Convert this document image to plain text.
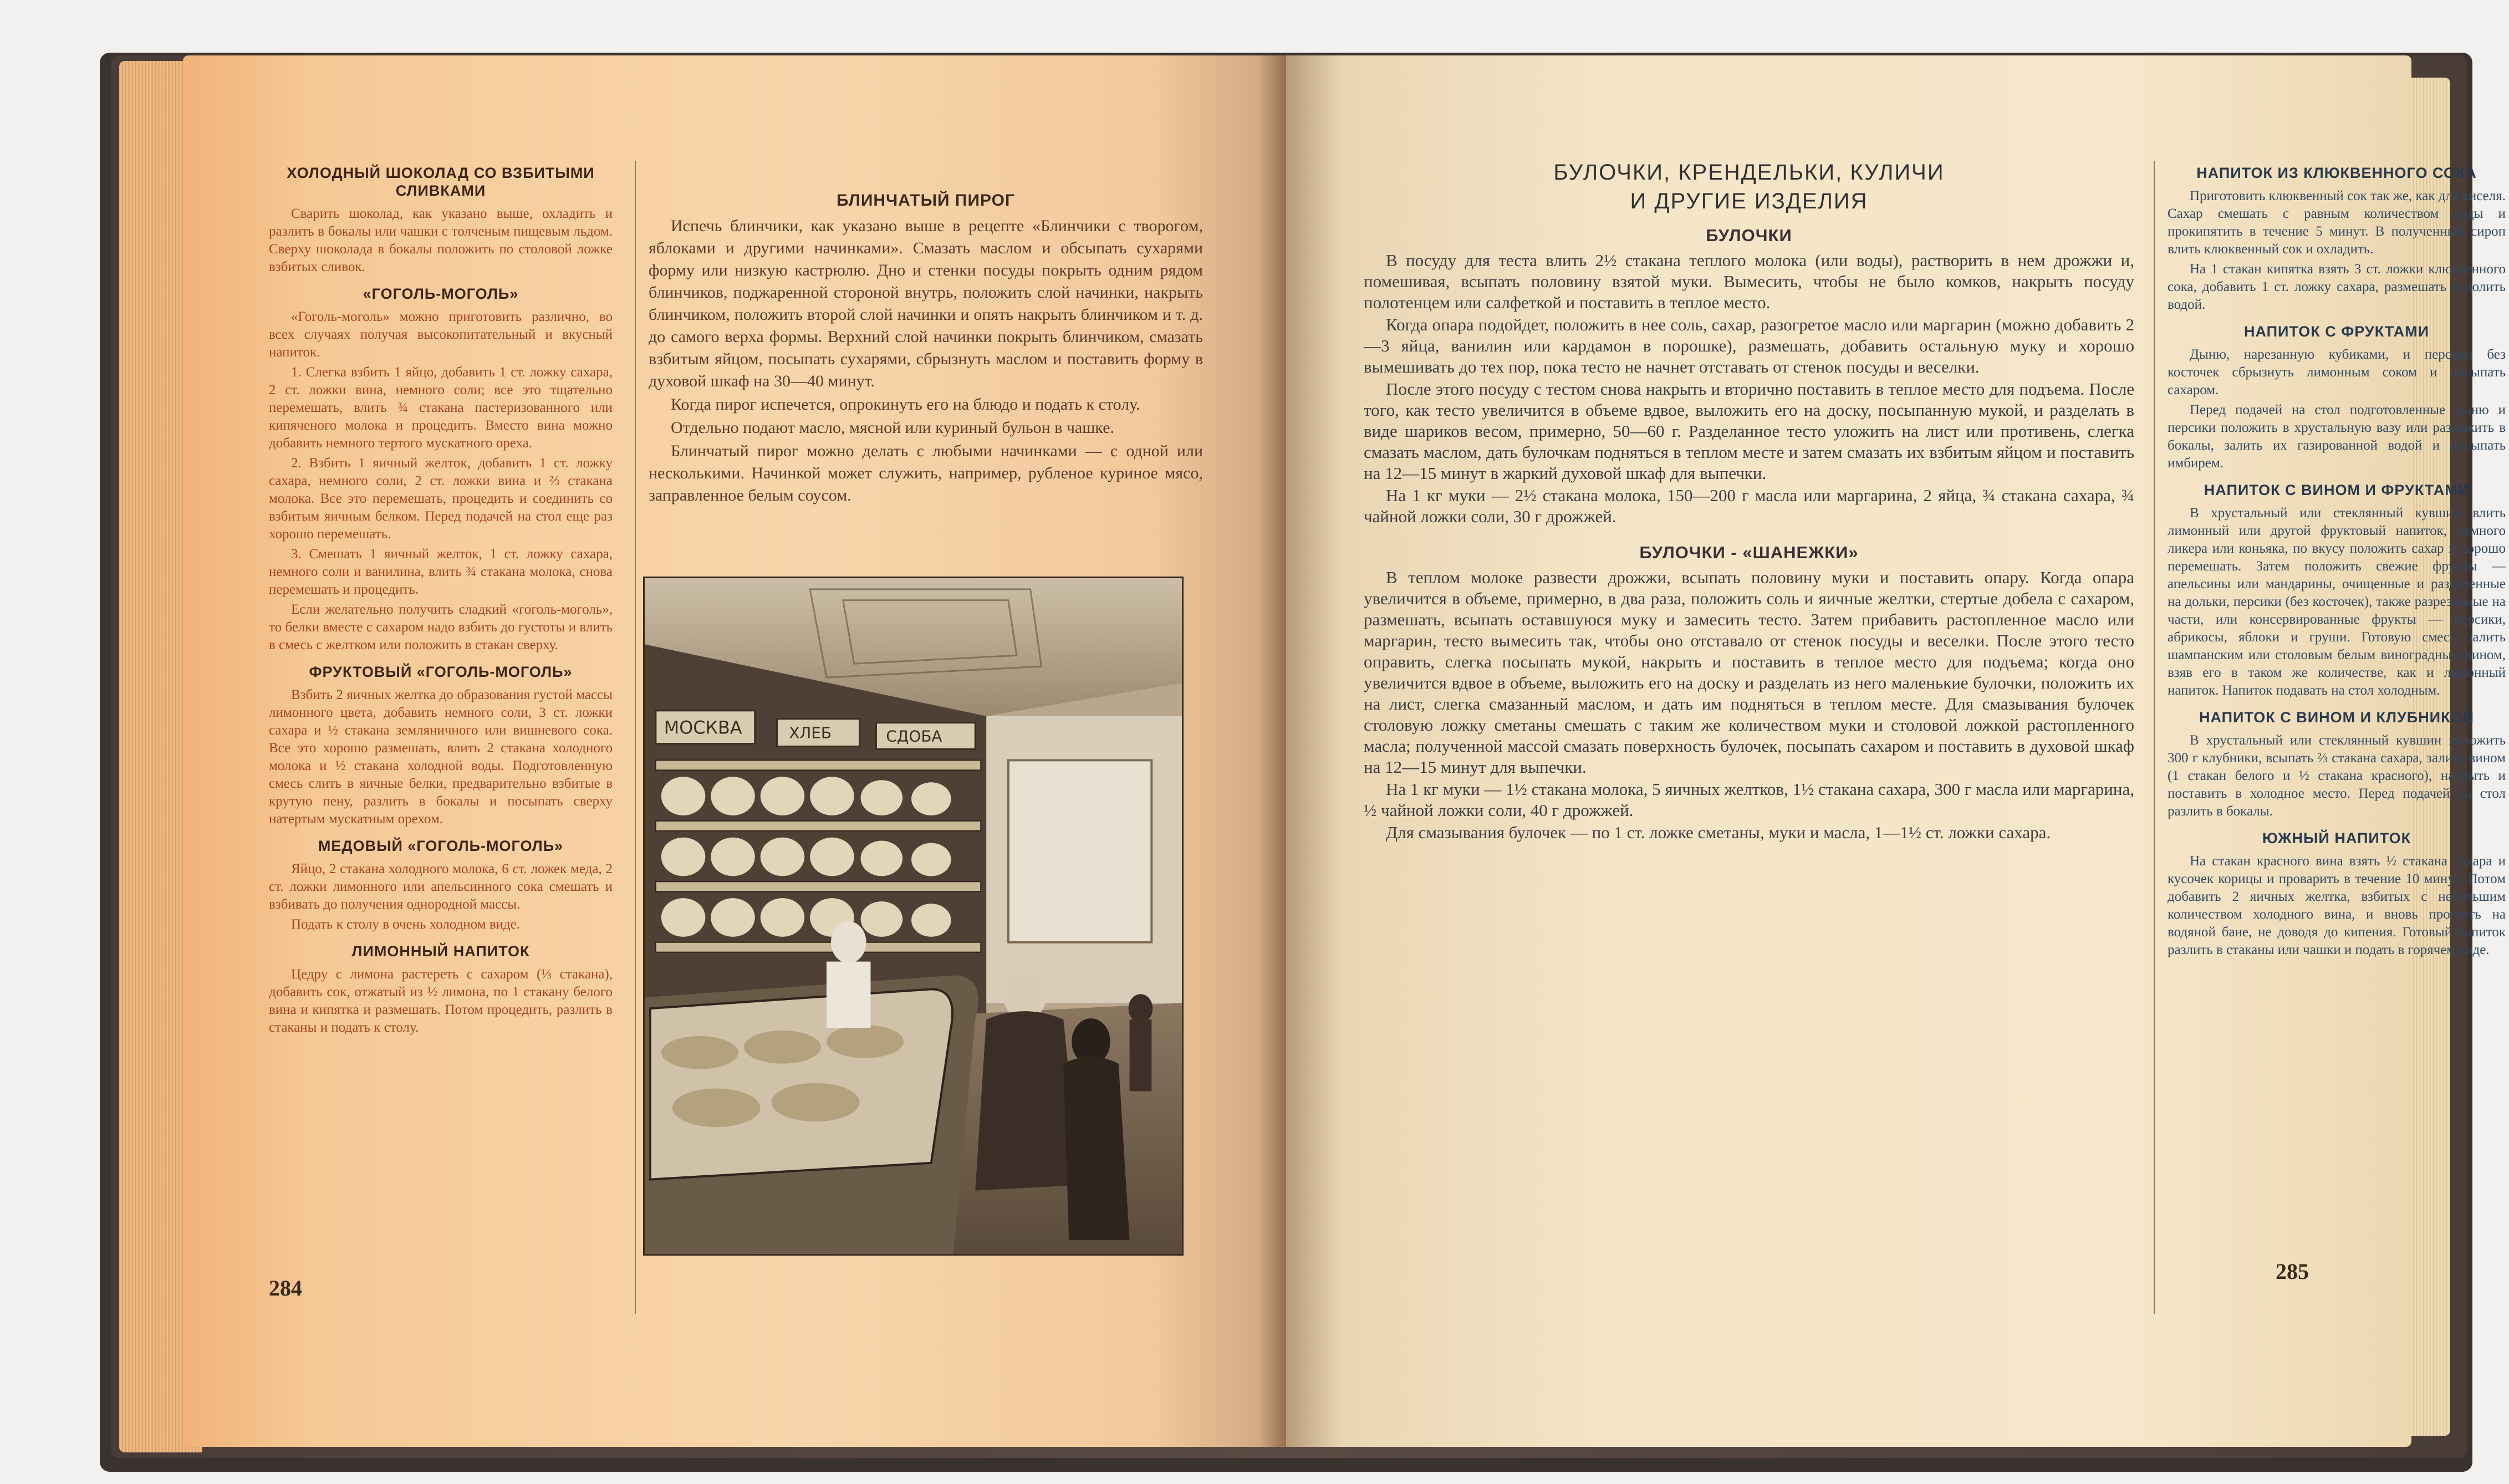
ХОЛОДНЫЙ ШОКОЛАД СО ВЗБИТЫМИ СЛИВКАМИ

Сварить шоколад, как указано выше, охладить и разлить в бокалы или чашки с толченым пищевым льдом. Сверху шоколада в бокалы положить по столовой ложке взбитых сливок.

«ГОГОЛЬ-МОГОЛЬ»

«Гоголь-моголь» можно приготовить различно, во всех случаях получая высокопитательный и вкусный напиток.

1. Слегка взбить 1 яйцо, добавить 1 ст. ложку сахара, 2 ст. ложки вина, немного соли; все это тщательно перемешать, влить ¾ стакана пастеризованного или кипяченого молока и процедить. Вместо вина можно добавить немного тертого мускатного ореха.

2. Взбить 1 яичный желток, добавить 1 ст. ложку сахара, немного соли, 2 ст. ложки вина и ⅔ стакана молока. Все это перемешать, процедить и соединить со взбитым яичным белком. Перед подачей на стол еще раз хорошо перемешать.

3. Смешать 1 яичный желток, 1 ст. ложку сахара, немного соли и ванилина, влить ¾ стакана молока, снова перемешать и процедить.

Если желательно получить сладкий «гоголь-моголь», то белки вместе с сахаром надо взбить до густоты и влить в смесь с желтком или положить в стакан сверху.

ФРУКТОВЫЙ «ГОГОЛЬ-МОГОЛЬ»

Взбить 2 яичных желтка до образования густой массы лимонного цвета, добавить немного соли, 3 ст. ложки сахара и ½ стакана земляничного или вишневого сока. Все это хорошо размешать, влить 2 стакана холодного молока и ½ стакана холодной воды. Подготовленную смесь слить в яичные белки, предварительно взбитые в крутую пену, разлить в бокалы и посыпать сверху натертым мускатным орехом.

МЕДОВЫЙ «ГОГОЛЬ-МОГОЛЬ»

Яйцо, 2 стакана холодного молока, 6 ст. ложек меда, 2 ст. ложки лимонного или апельсинного сока смешать и взбивать до получения однородной массы.

Подать к столу в очень холодном виде.

ЛИМОННЫЙ НАПИТОК

Цедру с лимона растереть с сахаром (⅓ стакана), добавить сок, отжатый из ½ лимона, по 1 стакану белого вина и кипятка и размешать. Потом процедить, разлить в стаканы и подать к столу.

БЛИНЧАТЫЙ ПИРОГ

Испечь блинчики, как указано выше в рецепте «Блинчики с творогом, яблоками и другими начинками». Смазать маслом и обсыпать сухарями форму или низкую кастрюлю. Дно и стенки посуды покрыть одним рядом блинчиков, поджаренной стороной внутрь, положить слой начинки, накрыть блинчиком, положить второй слой начинки и опять накрыть блинчиком и т. д. до самого верха формы. Верхний слой начинки покрыть блинчиком, смазать взбитым яйцом, посыпать сухарями, сбрызнуть маслом и поставить форму в духовой шкаф на 30—40 минут.

Когда пирог испечется, опрокинуть его на блюдо и подать к столу.

Отдельно подают масло, мясной или куриный бульон в чашке.

Блинчатый пирог можно делать с любыми начинками — с одной или несколькими. Начинкой может служить, например, рубленое куриное мясо, заправленное белым соусом.

284
МОСКВА	ХЛЕБ	СДОБА
БУЛОЧКИ, КРЕНДЕЛЬКИ, КУЛИЧИ
И ДРУГИЕ ИЗДЕЛИЯ
БУЛОЧКИ

В посуду для теста влить 2½ стакана теплого молока (или воды), растворить в нем дрожжи и, помешивая, всыпать половину взятой муки. Вымесить, чтобы не было комков, накрыть посуду полотенцем или салфеткой и поставить в теплое место.

Когда опара подойдет, положить в нее соль, сахар, разогретое масло или маргарин (можно добавить 2—3 яйца, ванилин или кардамон в порошке), размешать, добавить остальную муку и хорошо вымешивать до тех пор, пока тесто не начнет отставать от стенок посуды и веселки.

После этого посуду с тестом снова накрыть и вторично поставить в теплое место для подъема. После того, как тесто увеличится в объеме вдвое, выложить его на доску, посыпанную мукой, и разделать в виде шариков весом, примерно, 50—60 г. Разделанное тесто уложить на лист или противень, слегка смазать маслом, дать булочкам подняться в теплом месте и затем смазать их взбитым яйцом и поставить на 12—15 минут в жаркий духовой шкаф для выпечки.

На 1 кг муки — 2½ стакана молока, 150—200 г масла или маргарина, 2 яйца, ¾ стакана сахара, ¾ чайной ложки соли, 30 г дрожжей.

БУЛОЧКИ - «ШАНЕЖКИ»

В теплом молоке развести дрожжи, всыпать половину муки и поставить опару. Когда опара увеличится в объеме, примерно, в два раза, положить соль и яичные желтки, стертые добела с сахаром, размешать, всыпать оставшуюся муку и замесить тесто. Затем прибавить растопленное масло или маргарин, тесто вымесить так, чтобы оно отставало от стенок посуды и веселки. После этого тесто оправить, слегка посыпать мукой, накрыть и поставить в теплое место для подъема; когда оно увеличится вдвое в объеме, выложить его на доску и разделать из него маленькие булочки, положить их на лист, слегка смазанный маслом, и дать им подняться в теплом месте. Для смазывания булочек столовую ложку сметаны смешать с таким же количеством муки и столовой ложкой растопленного масла; полученной массой смазать поверхность булочек, посыпать сахаром и поставить в духовой шкаф на 12—15 минут для выпечки.

На 1 кг муки — 1½ стакана молока, 5 яичных желтков, 1½ стакана сахара, 300 г масла или маргарина, ½ чайной ложки соли, 40 г дрожжей.

Для смазывания булочек — по 1 ст. ложке сметаны, муки и масла, 1—1½ ст. ложки сахара.

НАПИТОК ИЗ КЛЮКВЕННОГО СОКА

Приготовить клюквенный сок так же, как для киселя. Сахар смешать с равным количеством воды и прокипятить в течение 5 минут. В полученный сироп влить клюквенный сок и охладить.

На 1 стакан кипятка взять 3 ст. ложки клюквенного сока, добавить 1 ст. ложку сахара, размешать и долить водой.

НАПИТОК С ФРУКТАМИ

Дыню, нарезанную кубиками, и персики без косточек сбрызнуть лимонным соком и посыпать сахаром.

Перед подачей на стол подготовленные дыню и персики положить в хрустальную вазу или разложить в бокалы, залить их газированной водой и посыпать имбирем.

НАПИТОК С ВИНОМ И ФРУКТАМИ

В хрустальный или стеклянный кувшин влить лимонный или другой фруктовый напиток, немного ликера или коньяка, по вкусу положить сахар и хорошо перемешать. Затем положить свежие фрукты — апельсины или мандарины, очищенные и разделенные на дольки, персики (без косточек), также разрезанные на части, или консервированные фрукты — персики, абрикосы, яблоки и груши. Готовую смесь залить шампанским или столовым белым виноградным вином, взяв его в таком же количестве, как и лимонный напиток. Напиток подавать на стол холодным.

НАПИТОК С ВИНОМ И КЛУБНИКОЙ

В хрустальный или стеклянный кувшин положить 300 г клубники, всыпать ⅔ стакана сахара, залить вином (1 стакан белого и ½ стакана красного), накрыть и поставить в холодное место. Перед подачей на стол разлить в бокалы.

ЮЖНЫЙ НАПИТОК

На стакан красного вина взять ½ стакана сахара и кусочек корицы и проварить в течение 10 минут. Потом добавить 2 яичных желтка, взбитых с небольшим количеством холодного вина, и вновь прогреть на водяной бане, не доводя до кипения. Готовый напиток разлить в стаканы или чашки и подать в горячем виде.

285
